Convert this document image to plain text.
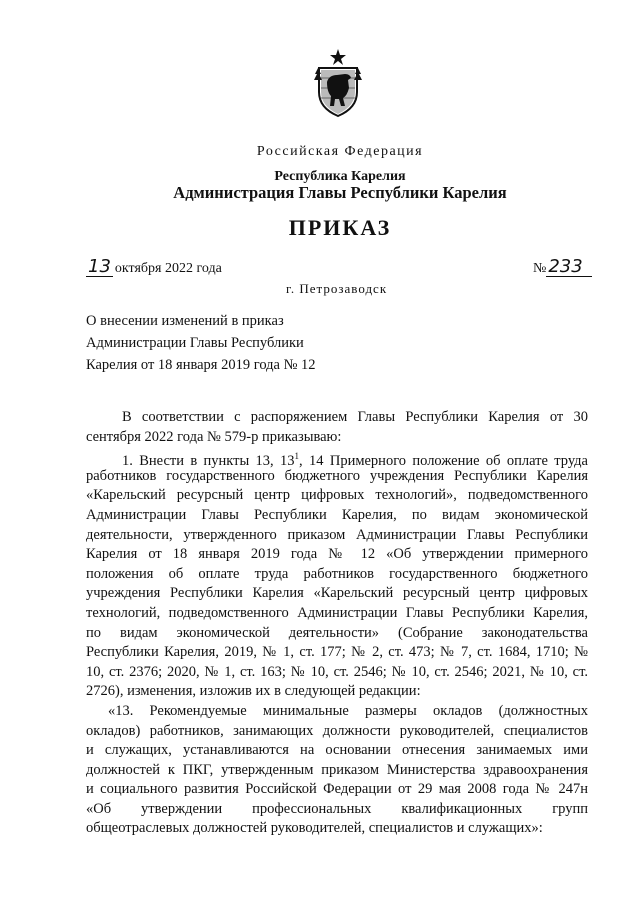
Российская Федерация
Республика Карелия
Администрация Главы Республики Карелия
ПРИКАЗ
13 октября 2022 года	№ 233
г. Петрозаводск
О внесении изменений в приказ
Администрации Главы Республики
Карелия от 18 января 2019 года № 12
В соответствии с распоряжением Главы Республики Карелия от 30
сентября 2022 года № 579-р приказываю:
1. Внести в пункты 13, $13^1$, 14 Примерного положение об оплате труда
работников государственного бюджетного учреждения Республики Карелия
«Карельский ресурсный центр цифровых технологий», подведомственного
Администрации Главы Республики Карелия, по видам экономической
деятельности, утвержденного приказом Администрации Главы Республики
Карелия от 18 января 2019 года № 12 «Об утверждении примерного
положения об оплате труда работников государственного бюджетного
учреждения Республики Карелия «Карельский ресурсный центр цифровых
технологий, подведомственного Администрации Главы Республики Карелия,
по видам экономической деятельности» (Собрание законодательства
Республики Карелия, 2019, № 1, ст. 177; № 2, ст. 473; № 7, ст. 1684, 1710; №
10, ст. 2376; 2020, № 1, ст. 163; № 10, ст. 2546; № 10, ст. 2546; 2021, № 10, ст.
2726), изменения, изложив их в следующей редакции:
«13. Рекомендуемые минимальные размеры окладов (должностных
окладов) работников, занимающих должности руководителей, специалистов
и служащих, устанавливаются на основании отнесения занимаемых ими
должностей к ПКГ, утвержденным приказом Министерства здравоохранения
и социального развития Российской Федерации от 29 мая 2008 года № 247н
«Об утверждении профессиональных квалификационных групп
общеотраслевых должностей руководителей, специалистов и служащих»:
